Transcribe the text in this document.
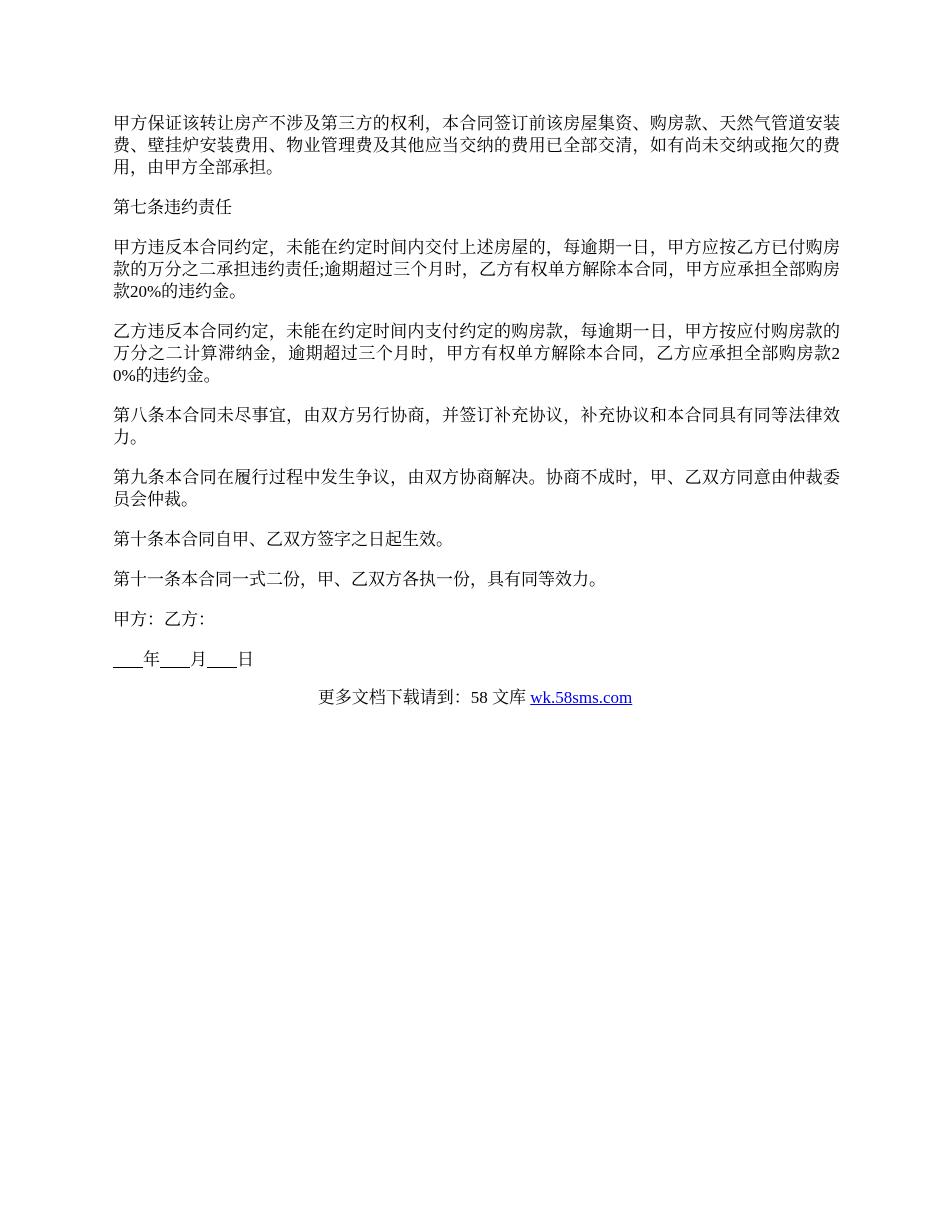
甲方保证该转让房产不涉及第三方的权利，本合同签订前该房屋集资、购房款、天然气管道安装费、壁挂炉安装费用、物业管理费及其他应当交纳的费用已全部交清，如有尚未交纳或拖欠的费用，由甲方全部承担。

第七条违约责任

甲方违反本合同约定，未能在约定时间内交付上述房屋的，每逾期一日，甲方应按乙方已付购房款的万分之二承担违约责任;逾期超过三个月时，乙方有权单方解除本合同，甲方应承担全部购房款20%的违约金。

乙方违反本合同约定，未能在约定时间内支付约定的购房款，每逾期一日，甲方按应付购房款的万分之二计算滞纳金，逾期超过三个月时，甲方有权单方解除本合同，乙方应承担全部购房款20%的违约金。

第八条本合同未尽事宜，由双方另行协商，并签订补充协议，补充协议和本合同具有同等法律效力。

第九条本合同在履行过程中发生争议，由双方协商解决。协商不成时，甲、乙双方同意由仲裁委员会仲裁。

第十条本合同自甲、乙双方签字之日起生效。

第十一条本合同一式二份，甲、乙双方各执一份，具有同等效力。

甲方：乙方：

年 月 日

更多文档下载请到：58 文库 wk.58sms.com
